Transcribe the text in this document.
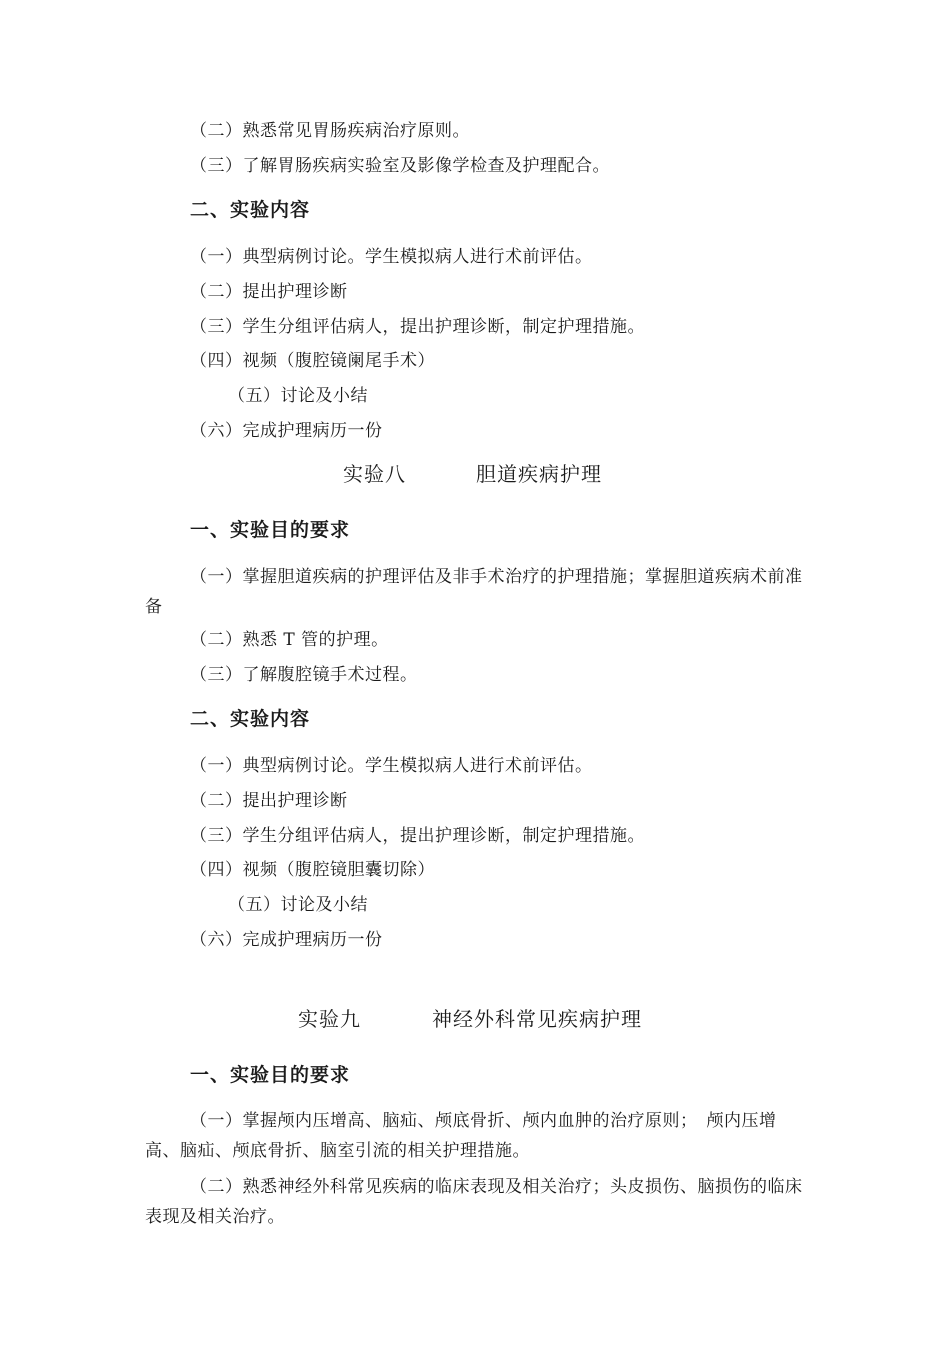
（二）熟悉常见胃肠疾病治疗原则。
（三）了解胃肠疾病实验室及影像学检查及护理配合。
二、实验内容
（一）典型病例讨论。学生模拟病人进行术前评估。
（二）提出护理诊断
（三）学生分组评估病人，提出护理诊断，制定护理措施。
（四）视频（腹腔镜阑尾手术）
（五）讨论及小结
（六）完成护理病历一份
实验八	胆道疾病护理
一、实验目的要求
（一）掌握胆道疾病的护理评估及非手术治疗的护理措施；掌握胆道疾病术前准备
（二）熟悉 T 管的护理。
（三）了解腹腔镜手术过程。
二、实验内容
（一）典型病例讨论。学生模拟病人进行术前评估。
（二）提出护理诊断
（三）学生分组评估病人，提出护理诊断，制定护理措施。
（四）视频（腹腔镜胆囊切除）
（五）讨论及小结
（六）完成护理病历一份
实验九	神经外科常见疾病护理
一、实验目的要求
（一）掌握颅内压增高、脑疝、颅底骨折、颅内血肿的治疗原则；　颅内压增高、脑疝、颅底骨折、脑室引流的相关护理措施。
（二）熟悉神经外科常见疾病的临床表现及相关治疗；头皮损伤、脑损伤的临床表现及相关治疗。
